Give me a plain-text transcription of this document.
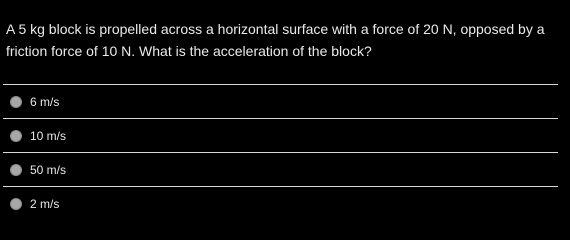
A 5 kg block is propelled across a horizontal surface with a force of 20 N, opposed by a friction force of 10 N. What is the acceleration of the block?

6 m/s
10 m/s
50 m/s
2 m/s
